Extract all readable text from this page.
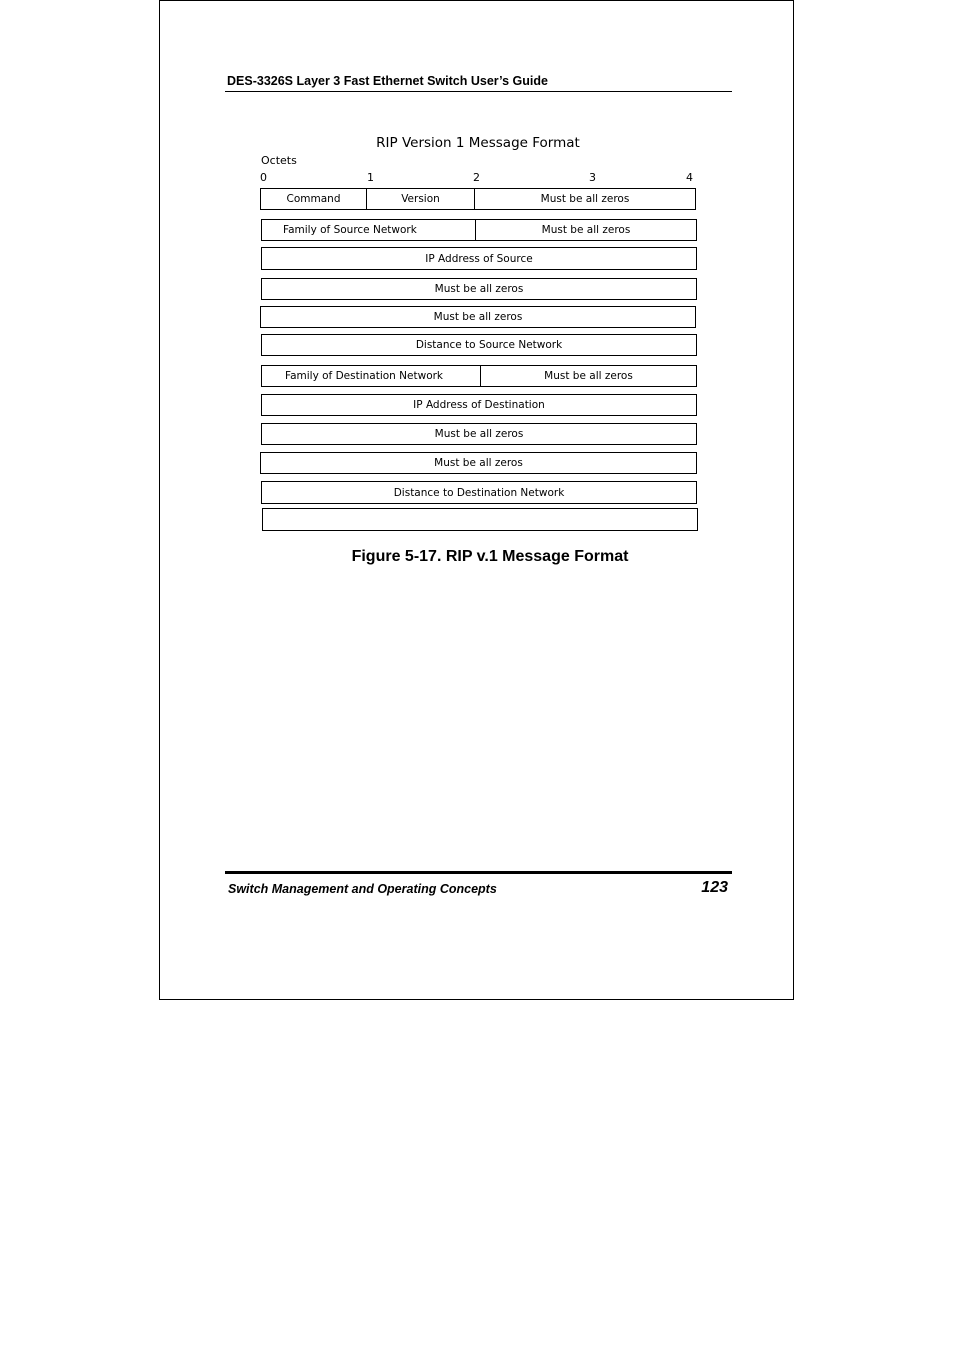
DES-3326S Layer 3 Fast Ethernet Switch User’s Guide
RIP Version 1 Message Format
Octets
0	1	2	3	4
Command	Version	Must be all zeros
Family of Source Network	Must be all zeros
IP Address of Source
Must be all zeros
Must be all zeros
Distance to Source Network
Family of Destination Network	Must be all zeros
IP Address of Destination
Must be all zeros
Must be all zeros
Distance to Destination Network
Figure 5-17. RIP v.1 Message Format
Switch Management and Operating Concepts	123
